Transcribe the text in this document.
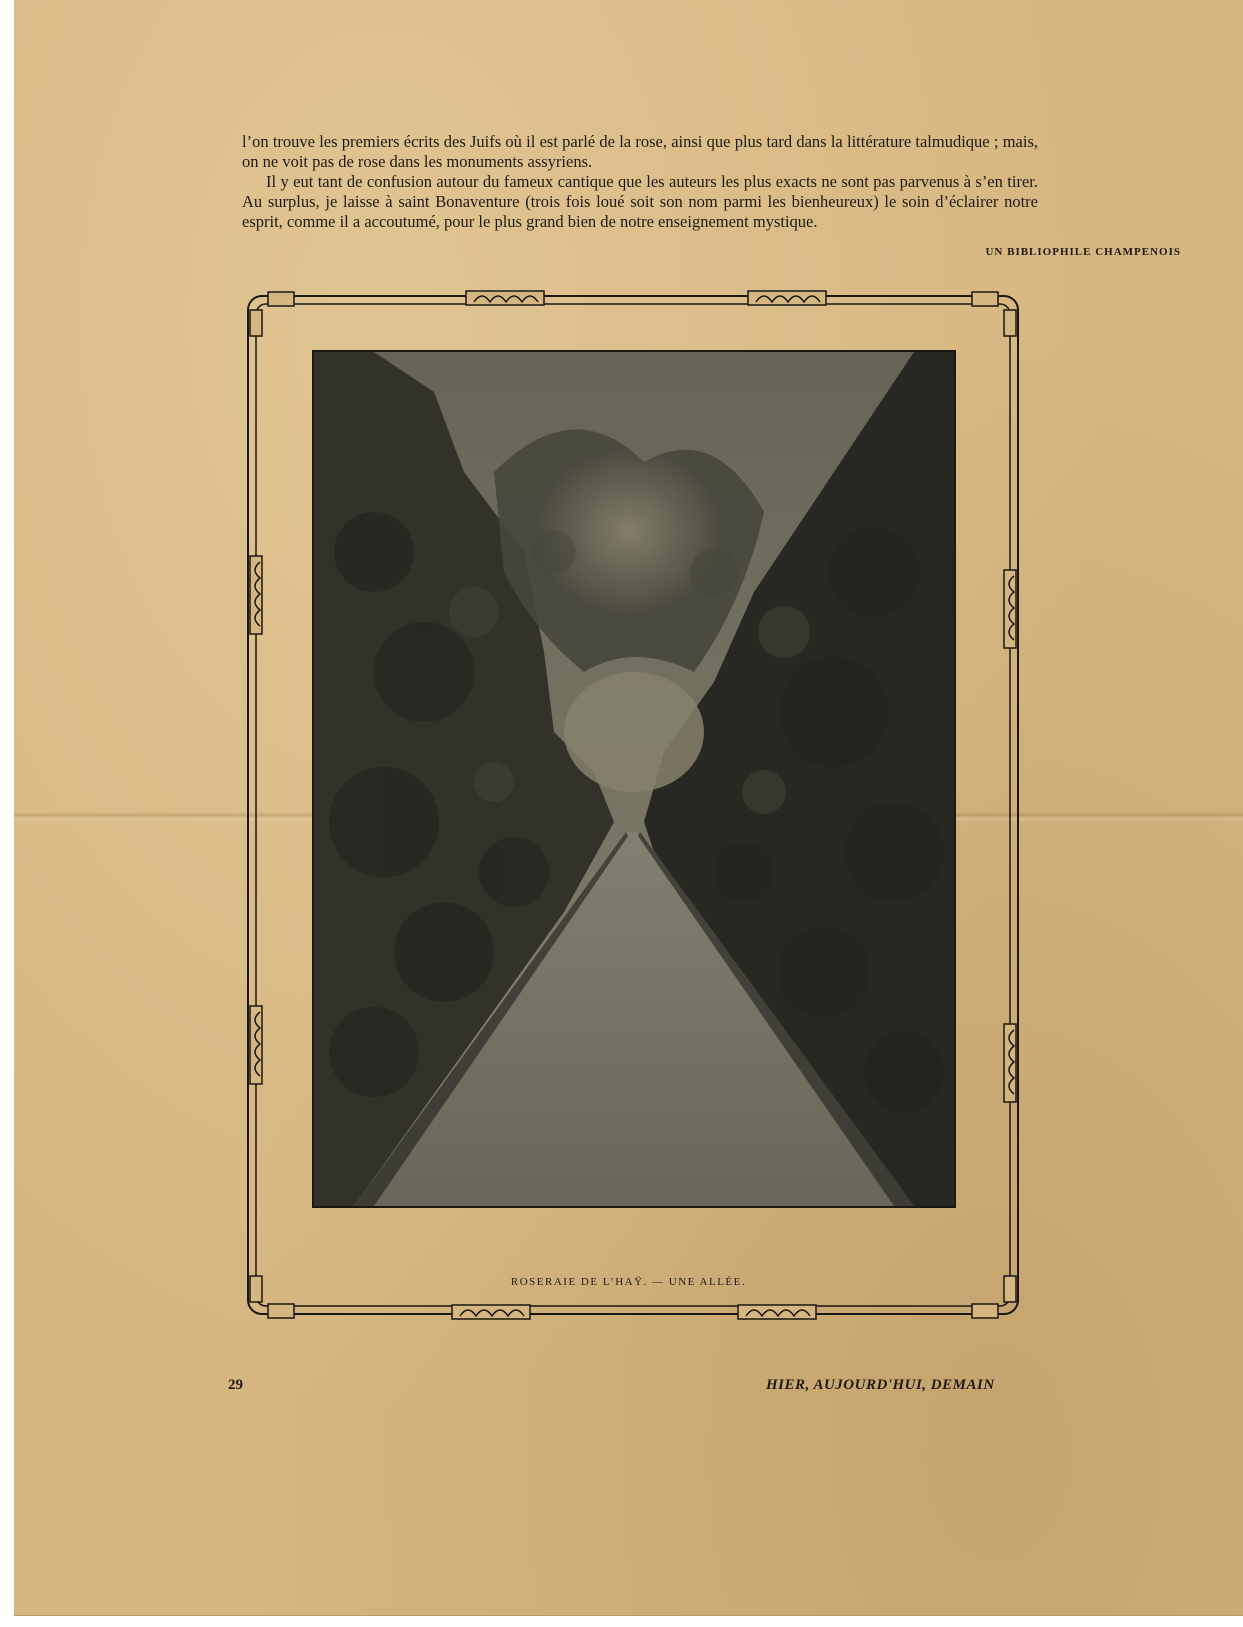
l’on trouve les premiers écrits des Juifs où il est parlé de la rose, ainsi que plus tard dans la littérature talmudique ; mais, on ne voit pas de rose dans les monuments assyriens.

Il y eut tant de confusion autour du fameux cantique que les auteurs les plus exacts ne sont pas parvenus à s’en tirer. Au surplus, je laisse à saint Bonaventure (trois fois loué soit son nom parmi les bienheureux) le soin d’éclairer notre esprit, comme il a accoutumé, pour le plus grand bien de notre enseignement mystique.

UN BIBLIOPHILE CHAMPENOIS
ROSERAIE DE L’HAŸ. — UNE ALLÉE.
29	HIER, AUJOURD'HUI, DEMAIN
